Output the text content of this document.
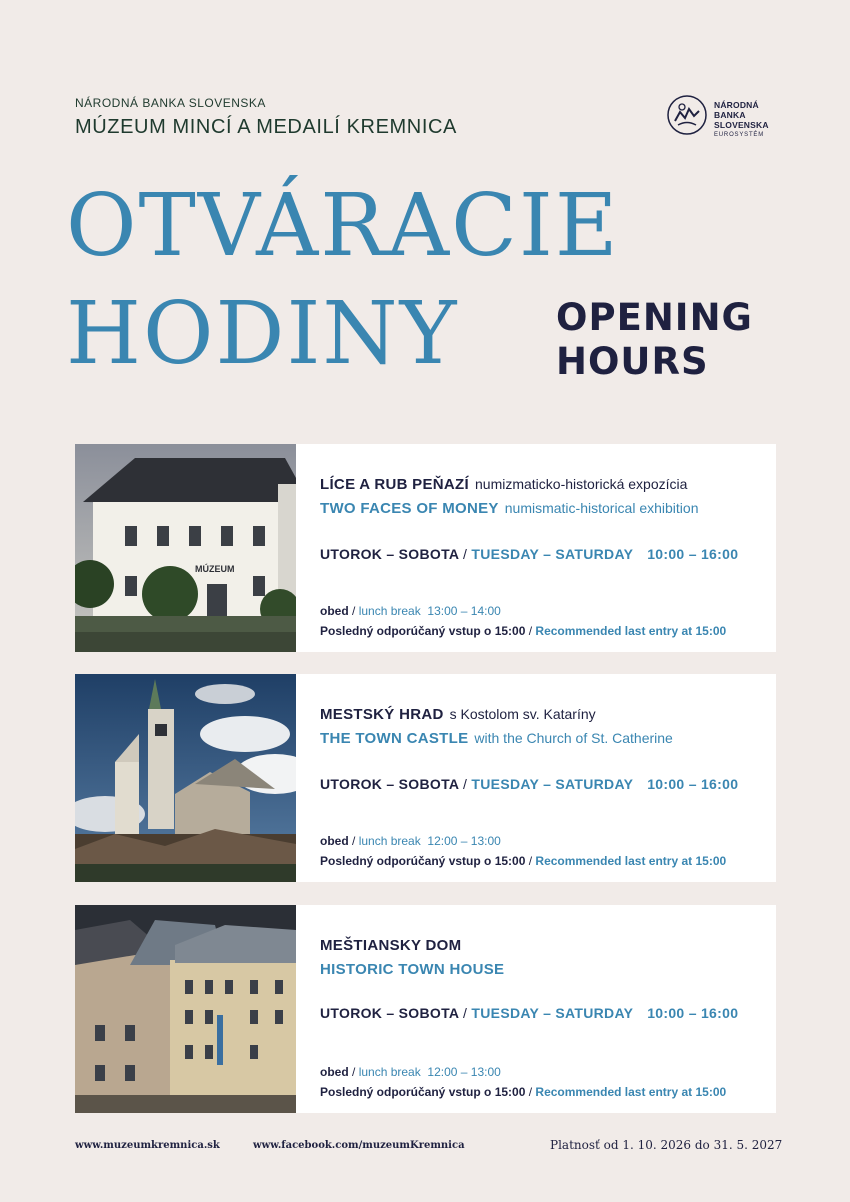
NÁRODNÁ BANKA SLOVENSKA
MÚZEUM MINCÍ A MEDAILÍ KREMNICA
NÁRODNÁ
BANKA
SLOVENSKA
EUROSYSTÉM
OTVÁRACIE
HODINY	OPENING
HOURS
MÚZEUM
LÍCE A RUB PEŇAZÍ numizmaticko-historická expozícia
TWO FACES OF MONEY numismatic-historical exhibition
UTOROK – SOBOTA / TUESDAY – SATURDAY 10:00 – 16:00
obed / lunch break 13:00 – 14:00
Posledný odporúčaný vstup o 15:00 / Recommended last entry at 15:00
MESTSKÝ HRAD s Kostolom sv. Kataríny
THE TOWN CASTLE with the Church of St. Catherine
UTOROK – SOBOTA / TUESDAY – SATURDAY 10:00 – 16:00
obed / lunch break 12:00 – 13:00
Posledný odporúčaný vstup o 15:00 / Recommended last entry at 15:00
MEŠTIANSKY DOM
HISTORIC TOWN HOUSE
UTOROK – SOBOTA / TUESDAY – SATURDAY 10:00 – 16:00
obed / lunch break 12:00 – 13:00
Posledný odporúčaný vstup o 15:00 / Recommended last entry at 15:00
www.muzeumkremnica.sk	www.facebook.com/muzeumKremnica	Platnosť od 1. 10. 2026 do 31. 5. 2027
